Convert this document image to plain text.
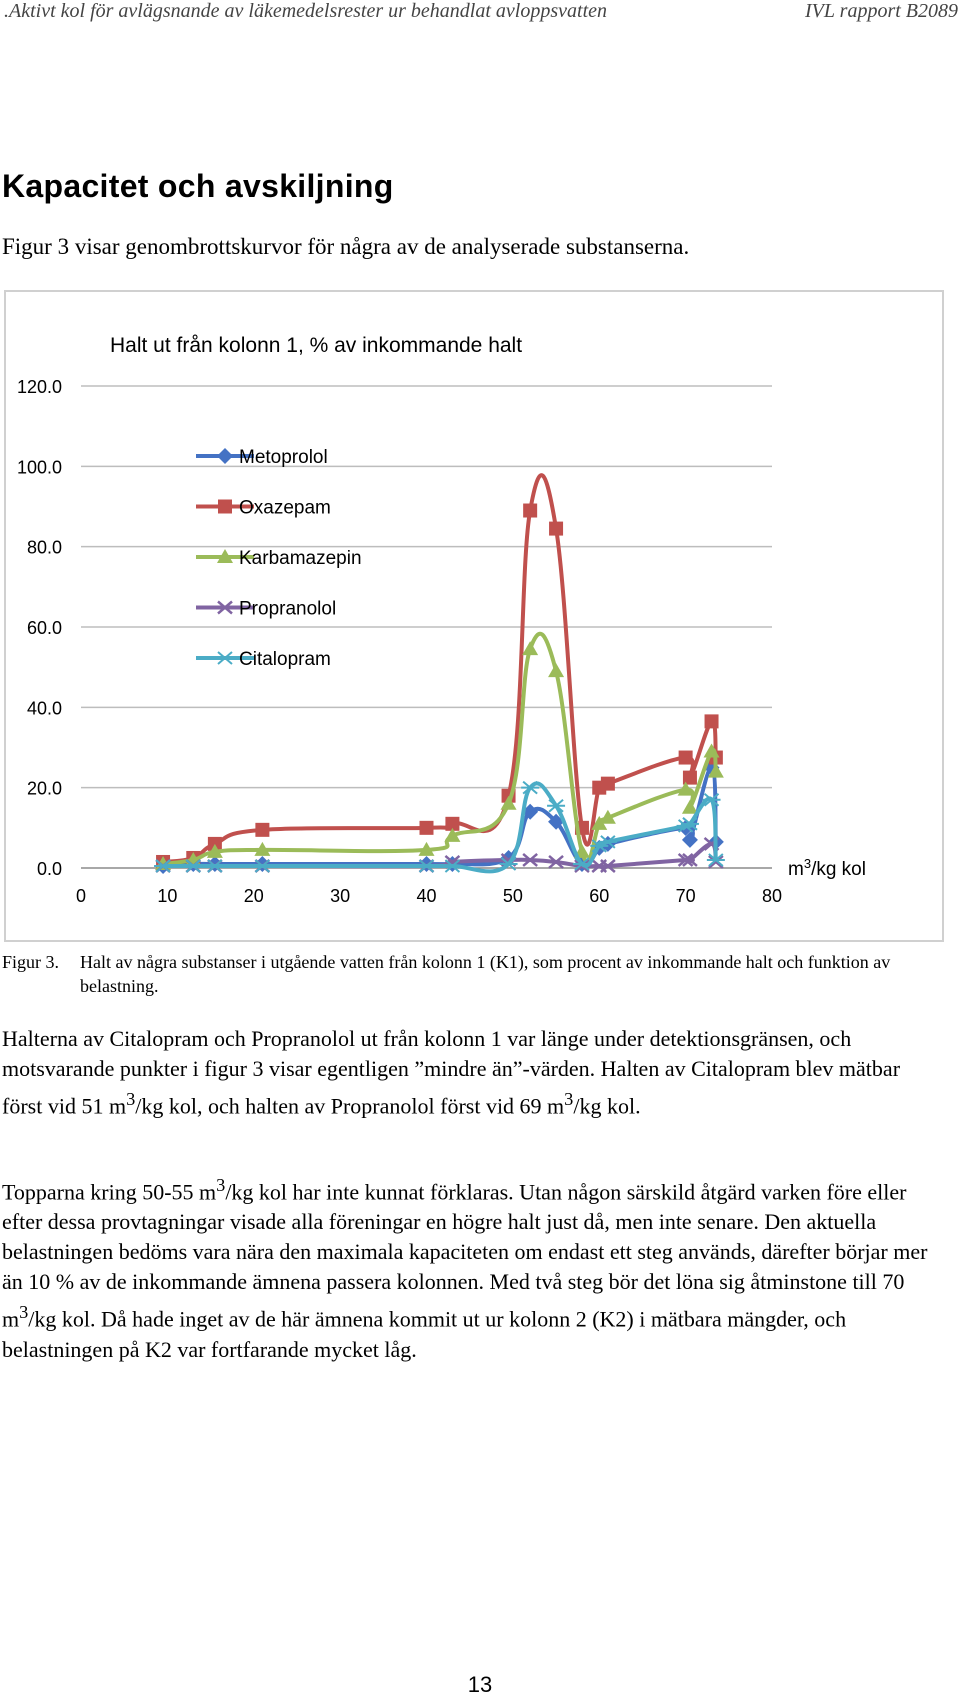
.Aktivt kol för avlägsnande av läkemedelsrester ur behandlat avloppsvatten	IVL rapport B2089
Kapacitet och avskiljning
Figur 3 visar genombrottskurvor för några av de analyserade substanserna.
Halt ut från kolonn 1, % av inkommande halt
0.0
20.0
40.0
60.0
80.0
100.0
120.0
0	10	20	30	40	50	60	70	80
$m^3/kg$ kol
Metoprolol
Oxazepam
Karbamazepin
Propranolol
Citalopram
Figur 3. Halt av några substanser i utgående vatten från kolonn 1 (K1), som procent av inkommande halt och funktion av belastning.
Halterna av Citalopram och Propranolol ut från kolonn 1 var länge under detektionsgränsen, och motsvarande punkter i figur 3 visar egentligen ”mindre än”-värden. Halten av Citalopram blev mätbar först vid 51 $m^3/kg$ kol, och halten av Propranolol först vid 69 $m^3/kg$ kol.
Topparna kring 50-55 $m^3/kg$ kol har inte kunnat förklaras. Utan någon särskild åtgärd varken före eller efter dessa provtagningar visade alla föreningar en högre halt just då, men inte senare. Den aktuella belastningen bedöms vara nära den maximala kapaciteten om endast ett steg används, därefter börjar mer än 10 % av de inkommande ämnena passera kolonnen. Med två steg bör det löna sig åtminstone till 70 $m^3/kg$ kol. Då hade inget av de här ämnena kommit ut ur kolonn 2 (K2) i mätbara mängder, och belastningen på K2 var fortfarande mycket låg.
13
